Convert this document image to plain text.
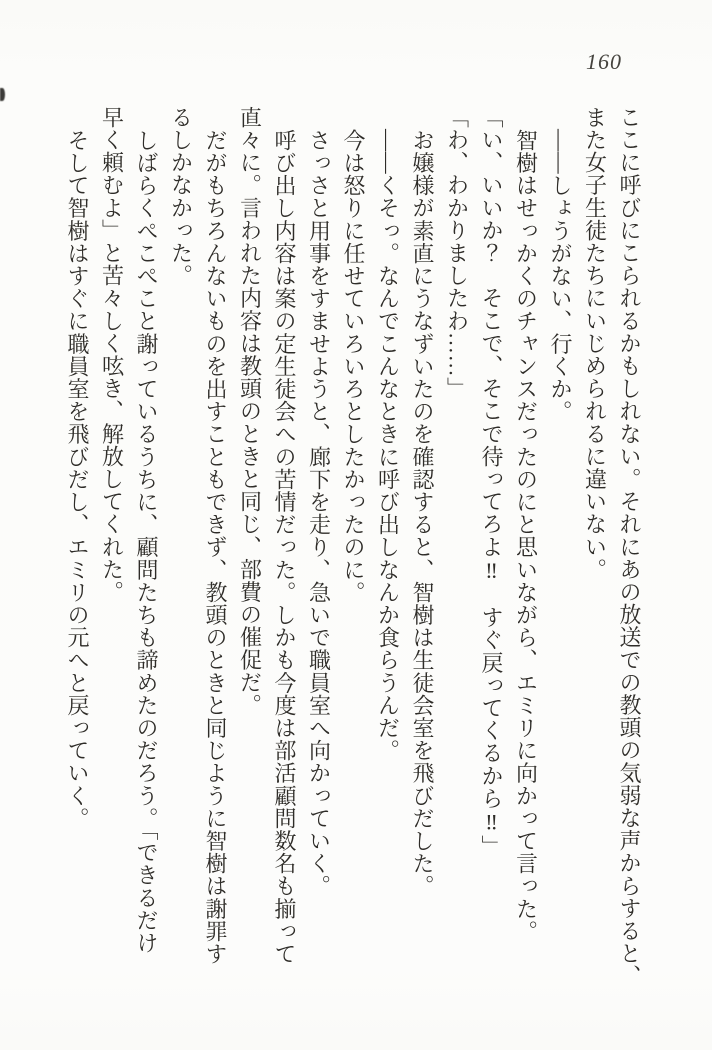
160

ここに呼びにこられるかもしれない。それにあの放送での教頭の気弱な声からすると、

また女子生徒たちにいじめられるに違いない。

――しょうがない、行くか。

智樹はせっかくのチャンスだったのにと思いながら、エミリに向かって言った。

「い、いいか？　そこで、そこで待ってろよ‼　すぐ戻ってくるから‼」

「わ、わかりましたわ……」

お嬢様が素直にうなずいたのを確認すると、智樹は生徒会室を飛びだした。

――くそっ。なんでこんなときに呼び出しなんか食らうんだ。

今は怒りに任せていろいろとしたかったのに。

さっさと用事をすませようと、廊下を走り、急いで職員室へ向かっていく。

呼び出し内容は案の定生徒会への苦情だった。しかも今度は部活顧問数名も揃って

直々に。言われた内容は教頭のときと同じ、部費の催促だ。

だがもちろんないものを出すこともできず、教頭のときと同じように智樹は謝罪す

るしかなかった。

しばらくぺこぺこと謝っているうちに、顧問たちも諦めたのだろう。「できるだけ

早く頼むよ」と苦々しく呟き、解放してくれた。

そして智樹はすぐに職員室を飛びだし、エミリの元へと戻っていく。
